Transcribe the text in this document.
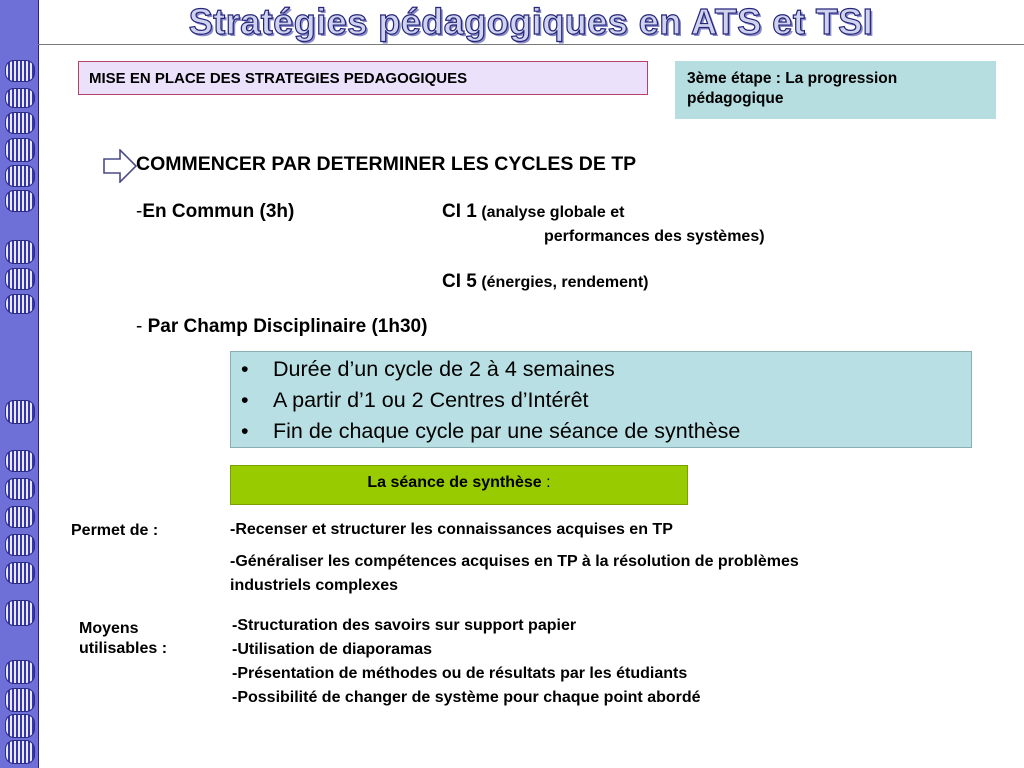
Stratégies pédagogiques en ATS et TSI
MISE EN PLACE DES STRATEGIES PEDAGOGIQUES	3ème étape : La progression
pédagogique
COMMENCER PAR DETERMINER LES CYCLES DE TP
-En Commun (3h)	CI 1 (analyse globale et
performances des systèmes)
CI 5 (énergies, rendement)
- Par Champ Disciplinaire (1h30)
• Durée d’un cycle de 2 à 4 semaines
• A partir d’1 ou 2 Centres d’Intérêt
• Fin de chaque cycle par une séance de synthèse
La séance de synthèse :
Permet de :	-Recenser et structurer les connaissances acquises en TP
-Généraliser les compétences acquises en TP à la résolution de problèmes
industriels complexes
Moyens
utilisables :
-Structuration des savoirs sur support papier
-Utilisation de diaporamas
-Présentation de méthodes ou de résultats par les étudiants
-Possibilité de changer de système pour chaque point abordé
